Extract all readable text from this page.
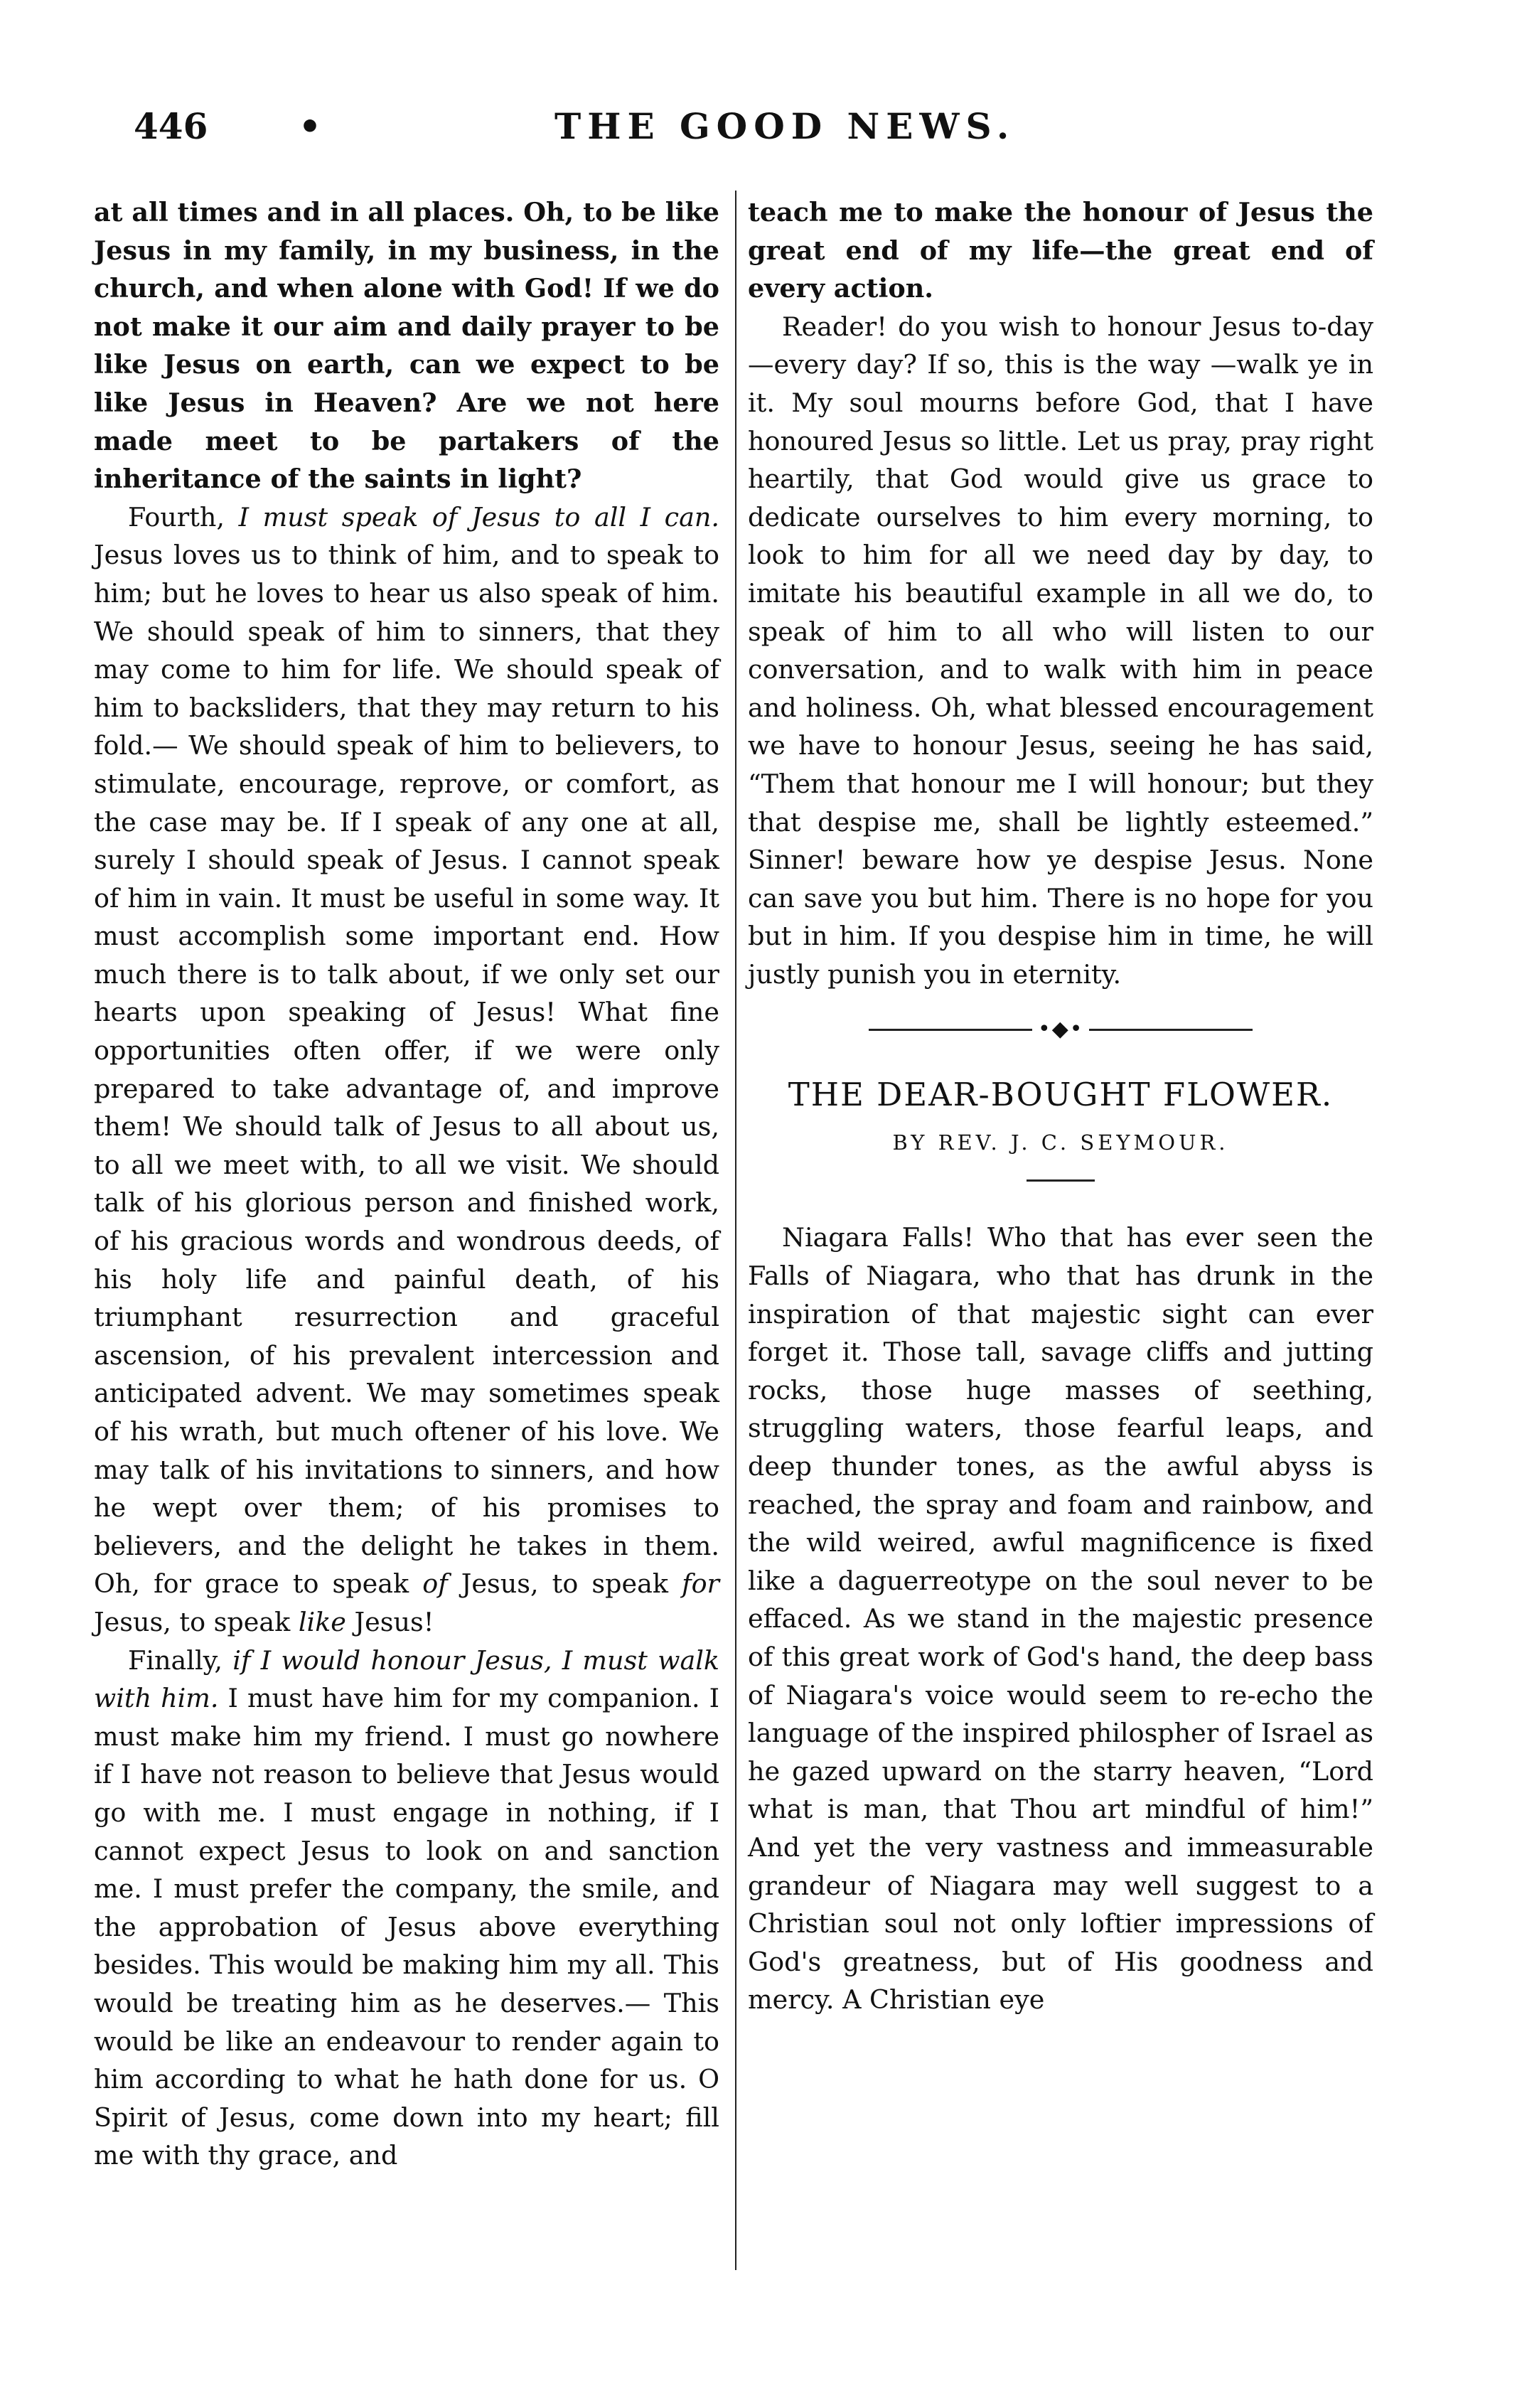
446	•	THE GOOD NEWS.

at all times and in all places. Oh, to be like Jesus in my family, in my business, in the church, and when alone with God! If we do not make it our aim and daily prayer to be like Jesus on earth, can we expect to be like Jesus in Heaven? Are we not here made meet to be partakers of the inheritance of the saints in light?

Fourth, I must speak of Jesus to all I can. Jesus loves us to think of him, and to speak to him; but he loves to hear us also speak of him. We should speak of him to sinners, that they may come to him for life. We should speak of him to backsliders, that they may return to his fold.— We should speak of him to believers, to stimulate, encourage, reprove, or comfort, as the case may be. If I speak of any one at all, surely I should speak of Jesus. I cannot speak of him in vain. It must be useful in some way. It must accomplish some important end. How much there is to talk about, if we only set our hearts upon speaking of Jesus! What fine opportunities often offer, if we were only prepared to take advantage of, and improve them! We should talk of Jesus to all about us, to all we meet with, to all we visit. We should talk of his glorious person and finished work, of his gracious words and wondrous deeds, of his holy life and painful death, of his triumphant resurrection and graceful ascension, of his prevalent intercession and anticipated advent. We may sometimes speak of his wrath, but much oftener of his love. We may talk of his invitations to sinners, and how he wept over them; of his promises to believers, and the delight he takes in them. Oh, for grace to speak of Jesus, to speak for Jesus, to speak like Jesus!

Finally, if I would honour Jesus, I must walk with him. I must have him for my companion. I must make him my friend. I must go nowhere if I have not reason to believe that Jesus would go with me. I must engage in nothing, if I cannot expect Jesus to look on and sanction me. I must prefer the company, the smile, and the approbation of Jesus above everything besides. This would be making him my all. This would be treating him as he deserves.— This would be like an endeavour to render again to him according to what he hath done for us. O Spirit of Jesus, come down into my heart; fill me with thy grace, and

teach me to make the honour of Jesus the great end of my life—the great end of every action.

Reader! do you wish to honour Jesus to-day—every day? If so, this is the way —walk ye in it. My soul mourns before God, that I have honoured Jesus so little. Let us pray, pray right heartily, that God would give us grace to dedicate ourselves to him every morning, to look to him for all we need day by day, to imitate his beautiful example in all we do, to speak of him to all who will listen to our conversation, and to walk with him in peace and holiness. Oh, what blessed encouragement we have to honour Jesus, seeing he has said, “Them that honour me I will honour; but they that despise me, shall be lightly esteemed.” Sinner! beware how ye despise Jesus. None can save you but him. There is no hope for you but in him. If you despise him in time, he will justly punish you in eternity.

•◆•
THE DEAR-BOUGHT FLOWER.
BY REV. J. C. SEYMOUR.

Niagara Falls! Who that has ever seen the Falls of Niagara, who that has drunk in the inspiration of that majestic sight can ever forget it. Those tall, savage cliffs and jutting rocks, those huge masses of seething, struggling waters, those fearful leaps, and deep thunder tones, as the awful abyss is reached, the spray and foam and rainbow, and the wild weired, awful magnificence is fixed like a daguerreotype on the soul never to be effaced. As we stand in the majestic presence of this great work of God's hand, the deep bass of Niagara's voice would seem to re-echo the language of the inspired philospher of Israel as he gazed upward on the starry heaven, “Lord what is man, that Thou art mindful of him!” And yet the very vastness and immeasurable grandeur of Niagara may well suggest to a Christian soul not only loftier impressions of God's greatness, but of His goodness and mercy. A Christian eye
